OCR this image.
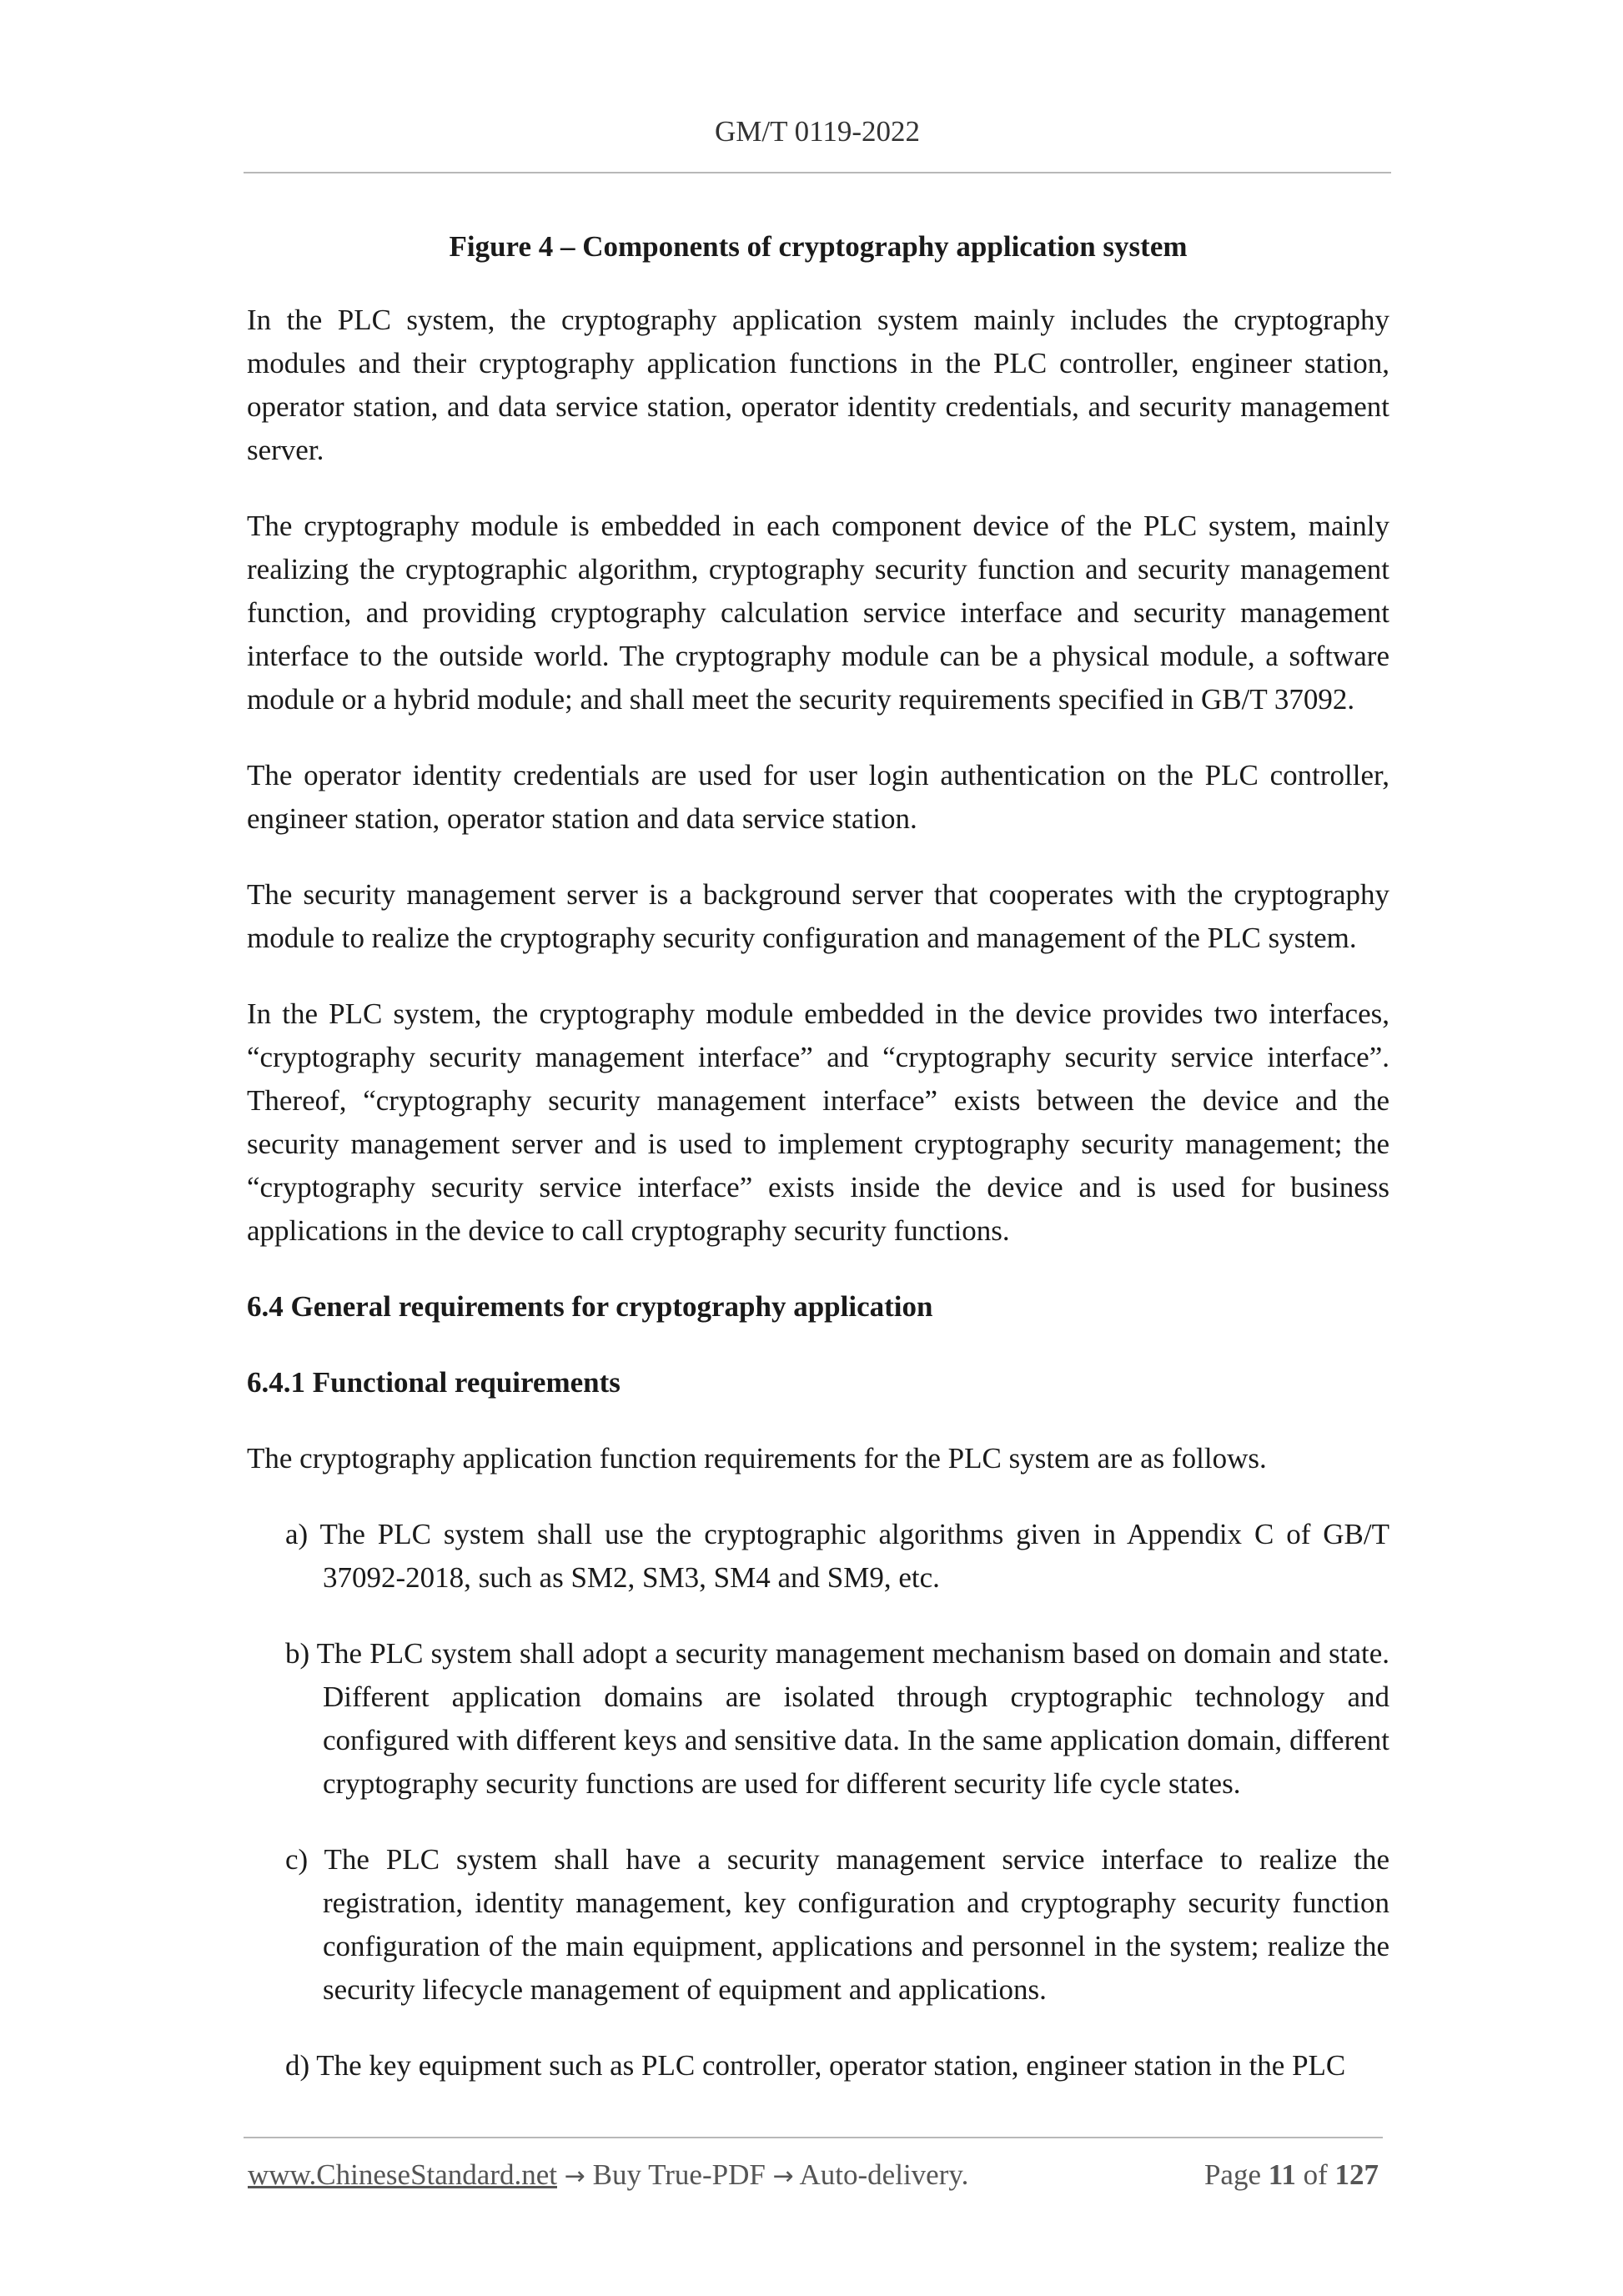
GM/T 0119-2022

Figure 4 – Components of cryptography application system

In the PLC system, the cryptography application system mainly includes the cryptography modules and their cryptography application functions in the PLC controller, engineer station, operator station, and data service station, operator identity credentials, and security management server.

The cryptography module is embedded in each component device of the PLC system, mainly realizing the cryptographic algorithm, cryptography security function and security management function, and providing cryptography calculation service interface and security management interface to the outside world. The cryptography module can be a physical module, a software module or a hybrid module; and shall meet the security requirements specified in GB/T 37092.

The operator identity credentials are used for user login authentication on the PLC controller, engineer station, operator station and data service station.

The security management server is a background server that cooperates with the cryptography module to realize the cryptography security configuration and management of the PLC system.

In the PLC system, the cryptography module embedded in the device provides two interfaces, “cryptography security management interface” and “cryptography security service interface”. Thereof, “cryptography security management interface” exists between the device and the security management server and is used to implement cryptography security management; the “cryptography security service interface” exists inside the device and is used for business applications in the device to call cryptography security functions.

6.4 General requirements for cryptography application

6.4.1 Functional requirements

The cryptography application function requirements for the PLC system are as follows.

a) The PLC system shall use the cryptographic algorithms given in Appendix C of GB/T 37092-2018, such as SM2, SM3, SM4 and SM9, etc.

b) The PLC system shall adopt a security management mechanism based on domain and state. Different application domains are isolated through cryptographic technology and configured with different keys and sensitive data. In the same application domain, different cryptography security functions are used for different security life cycle states.

c) The PLC system shall have a security management service interface to realize the registration, identity management, key configuration and cryptography security function configuration of the main equipment, applications and personnel in the system; realize the security lifecycle management of equipment and applications.

d) The key equipment such as PLC controller, operator station, engineer station in the PLC

www.ChineseStandard.net → Buy True-PDF → Auto-delivery.	Page 11 of 127
